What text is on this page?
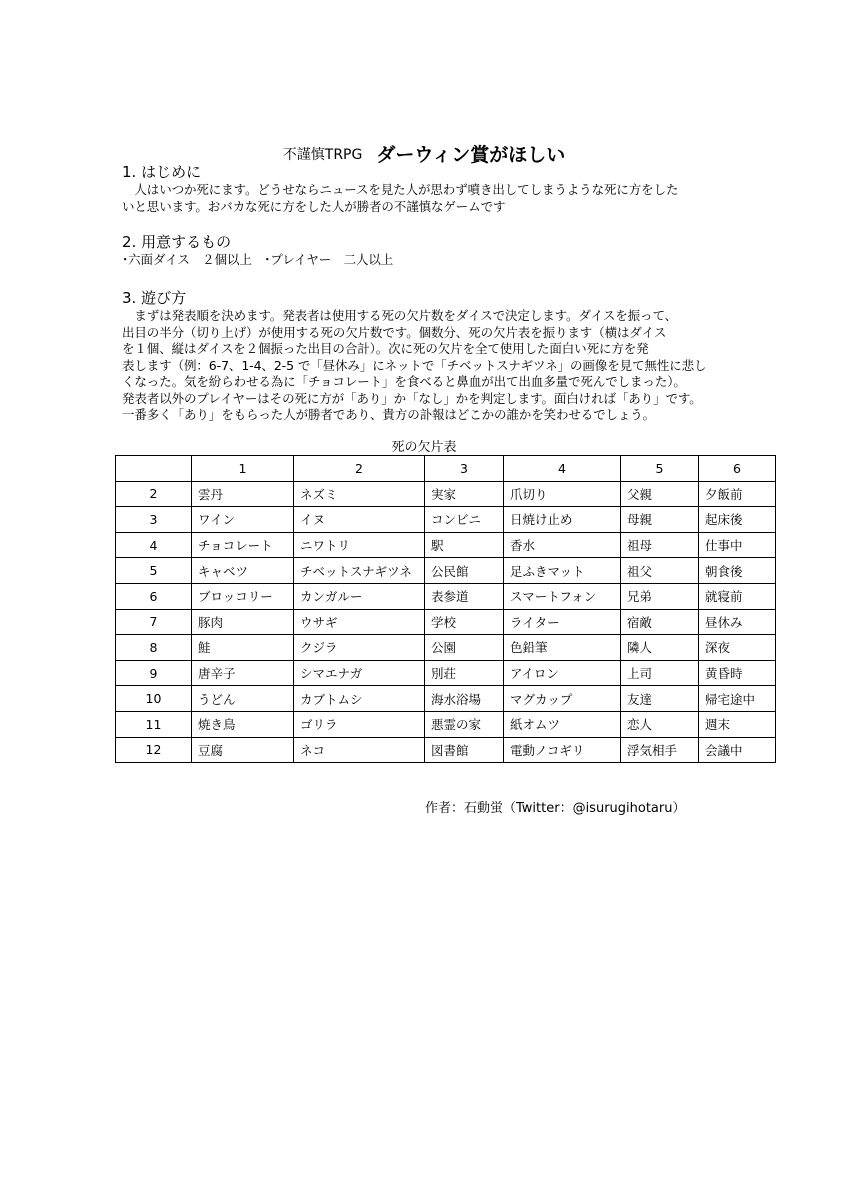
不謹慎TRPG ダーウィン賞がほしい
1. はじめに
　人はいつか死にます。どうせならニュースを見た人が思わず噴き出してしまうような死に方をした
いと思います。おバカな死に方をした人が勝者の不謹慎なゲームです
2. 用意するもの
･六面ダイス　２個以上　･プレイヤー　二人以上
3. 遊び方
　まずは発表順を決めます。発表者は使用する死の欠片数をダイスで決定します。ダイスを振って、
出目の半分（切り上げ）が使用する死の欠片数です。個数分、死の欠片表を振ります（横はダイス
を１個、縦はダイスを２個振った出目の合計）。次に死の欠片を全て使用した面白い死に方を発
表します（例：6-7、1-4、2-5 で「昼休み」にネットで「チベットスナギツネ」の画像を見て無性に悲し
くなった。気を紛らわせる為に「チョコレート」を食べると鼻血が出て出血多量で死んでしまった）。
発表者以外のプレイヤーはその死に方が「あり」か「なし」かを判定します。面白ければ「あり」です。
一番多く「あり」をもらった人が勝者であり、貴方の訃報はどこかの誰かを笑わせるでしょう。
死の欠片表
	1	2	3	4	5	6
2	雲丹	ネズミ	実家	爪切り	父親	夕飯前
3	ワイン	イヌ	コンビニ	日焼け止め	母親	起床後
4	チョコレート	ニワトリ	駅	香水	祖母	仕事中
5	キャベツ	チベットスナギツネ	公民館	足ふきマット	祖父	朝食後
6	ブロッコリー	カンガルー	表参道	スマートフォン	兄弟	就寝前
7	豚肉	ウサギ	学校	ライター	宿敵	昼休み
8	鮭	クジラ	公園	色鉛筆	隣人	深夜
9	唐辛子	シマエナガ	別荘	アイロン	上司	黄昏時
10	うどん	カブトムシ	海水浴場	マグカップ	友達	帰宅途中
11	焼き鳥	ゴリラ	悪霊の家	紙オムツ	恋人	週末
12	豆腐	ネコ	図書館	電動ノコギリ	浮気相手	会議中
作者：石動蛍（Twitter：@isurugihotaru）
